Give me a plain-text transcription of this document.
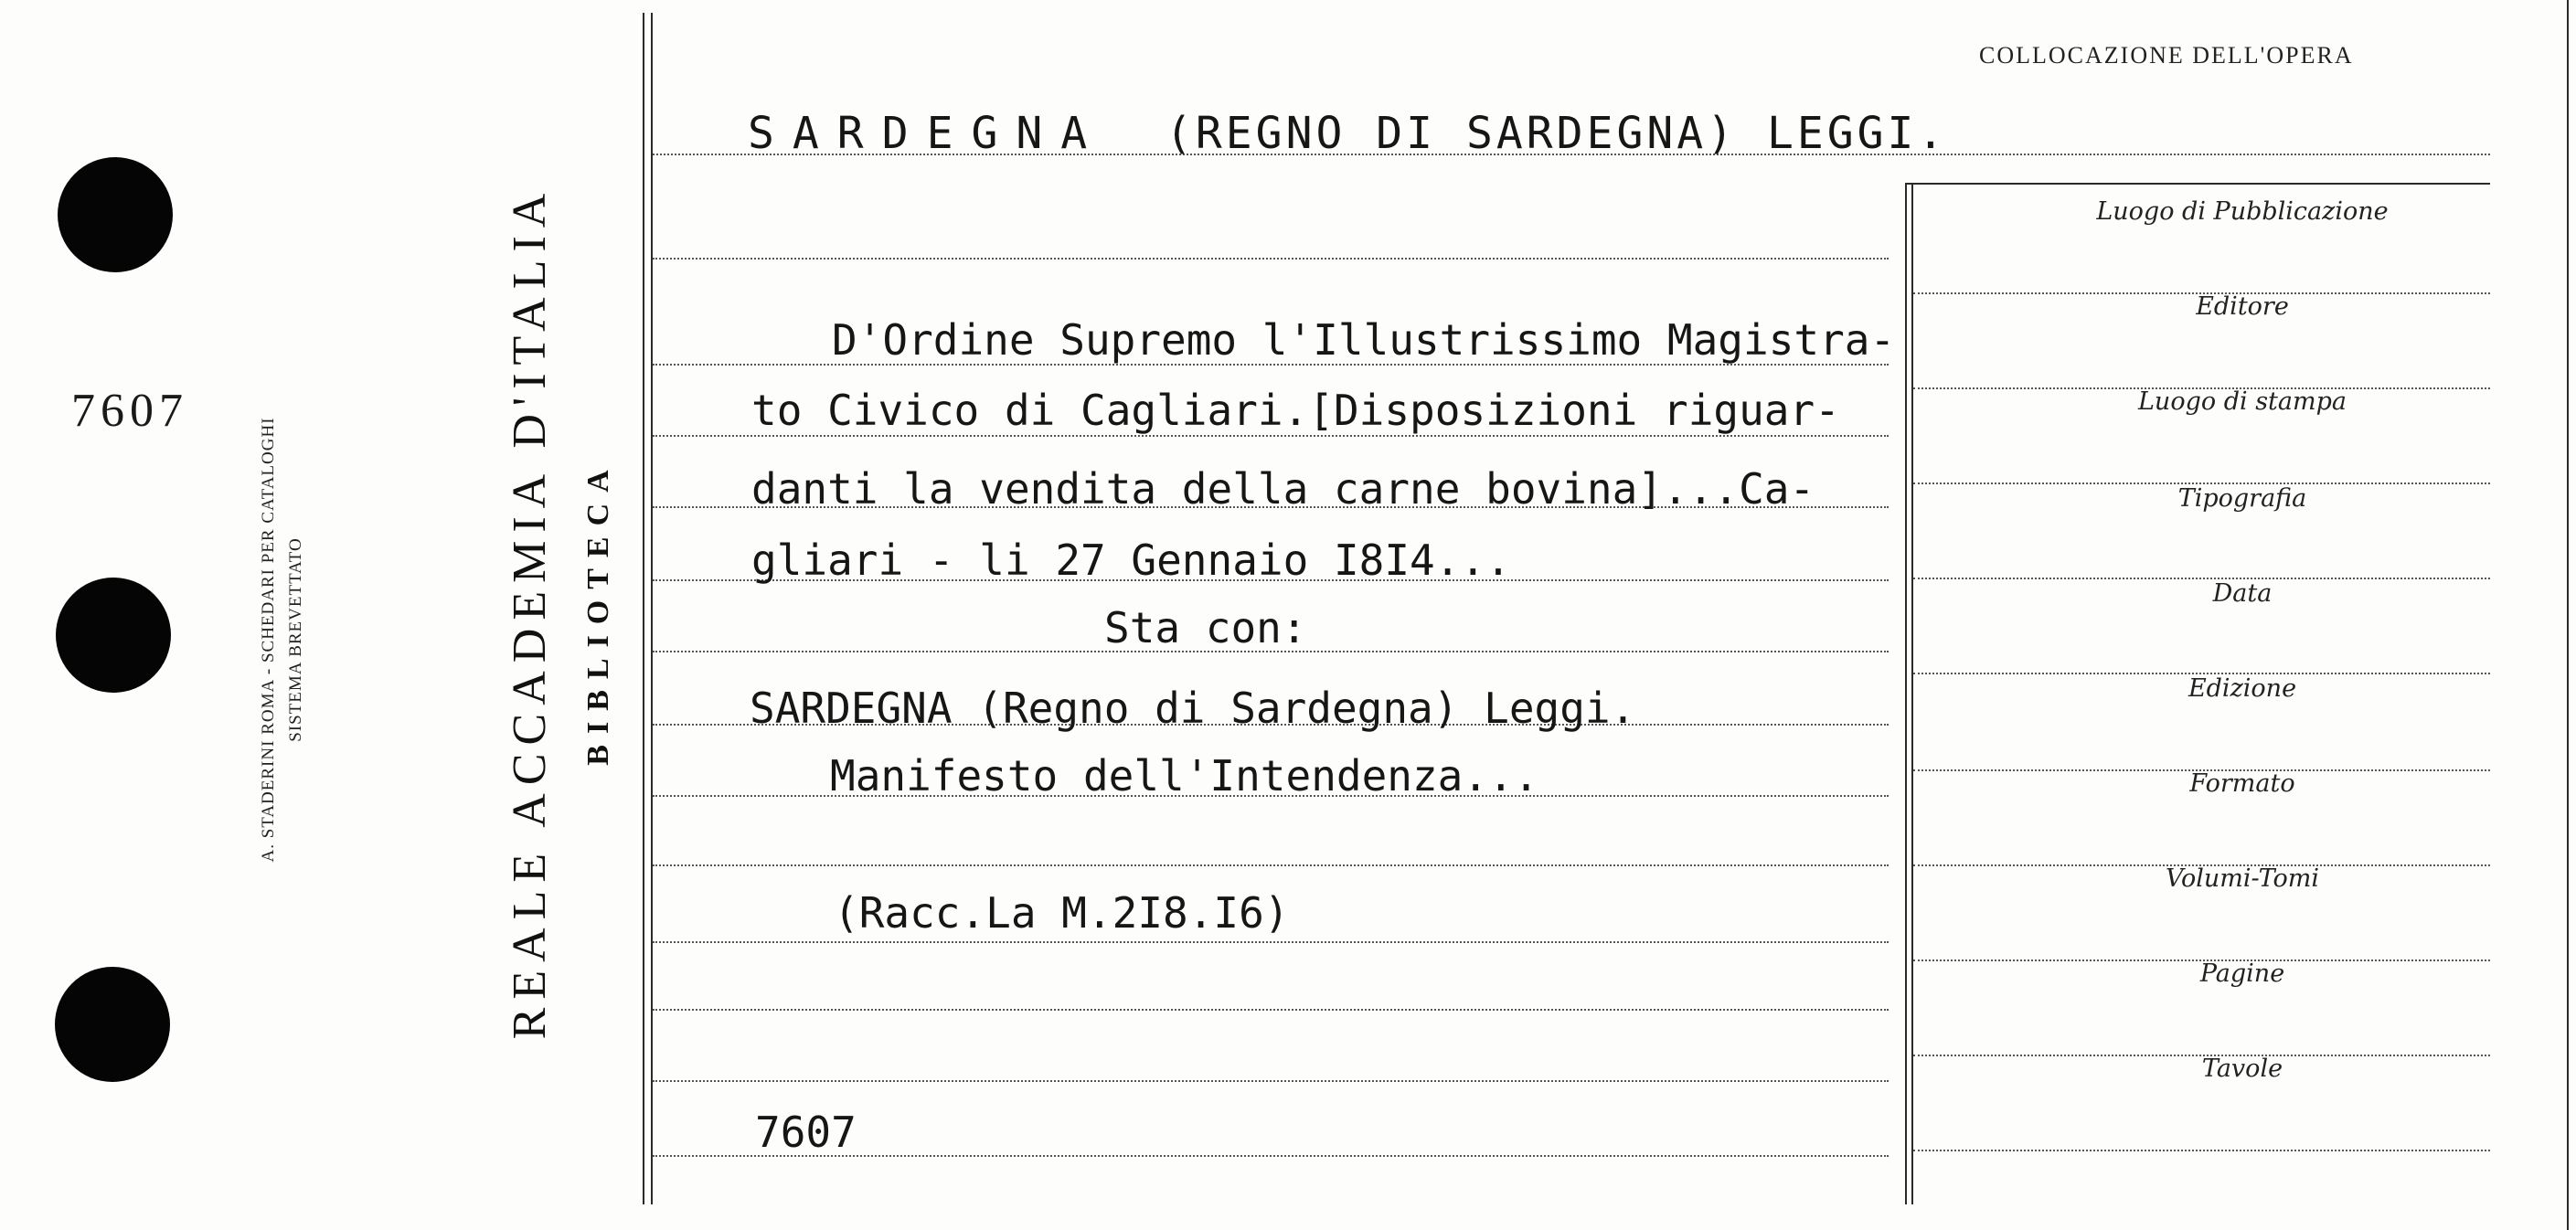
7607
A. STADERINI ROMA - SCHEDARI PER CATALOGHI SISTEMA BREVETTATO	REALE ACCADEMIA D'ITALIA BIBLIOTECA
COLLOCAZIONE DELL'OPERA
SARDEGNA (REGNO DI SARDEGNA) LEGGI.
D'Ordine Supremo l'Illustrissimo Magistra-
to Civico di Cagliari.[Disposizioni riguar-
danti la vendita della carne bovina]...Ca-
gliari - li 27 Gennaio I8I4...
Sta con:
SARDEGNA (Regno di Sardegna) Leggi.
Manifesto dell'Intendenza...
(Racc.La M.2I8.I6)
7607
Luogo di Pubblicazione
Editore
Luogo di stampa
Tipografia
Data
Edizione
Formato
Volumi-Tomi
Pagine
Tavole
